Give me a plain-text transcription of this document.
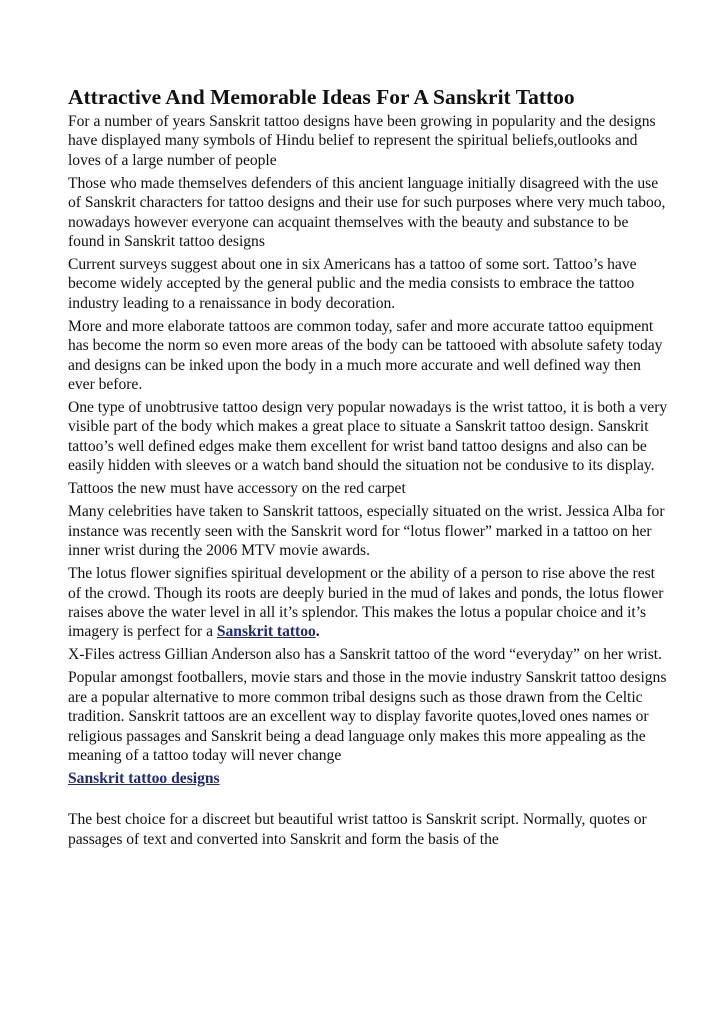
Attractive And Memorable Ideas For A Sanskrit Tattoo

For a number of years Sanskrit tattoo designs have been growing in popularity and the designs have displayed many symbols of Hindu belief to represent the spiritual beliefs,outlooks and loves of a large number of people

Those who made themselves defenders of this ancient language initially disagreed with the use of Sanskrit characters for tattoo designs and their use for such purposes where very much taboo, nowadays however everyone can acquaint themselves with the beauty and substance to be found in Sanskrit tattoo designs

Current surveys suggest about one in six Americans has a tattoo of some sort. Tattoo’s have become widely accepted by the general public and the media consists to embrace the tattoo industry leading to a renaissance in body decoration.

More and more elaborate tattoos are common today, safer and more accurate tattoo equipment has become the norm so even more areas of the body can be tattooed with absolute safety today and designs can be inked upon the body in a much more accurate and well defined way then ever before.

One type of unobtrusive tattoo design very popular nowadays is the wrist tattoo, it is both a very visible part of the body which makes a great place to situate a Sanskrit tattoo design. Sanskrit tattoo’s well defined edges make them excellent for wrist band tattoo designs and also can be easily hidden with sleeves or a watch band should the situation not be condusive to its display.

Tattoos the new must have accessory on the red carpet

Many celebrities have taken to Sanskrit tattoos, especially situated on the wrist. Jessica Alba for instance was recently seen with the Sanskrit word for “lotus flower” marked in a tattoo on her inner wrist during the 2006 MTV movie awards.

The lotus flower signifies spiritual development or the ability of a person to rise above the rest of the crowd. Though its roots are deeply buried in the mud of lakes and ponds, the lotus flower raises above the water level in all it’s splendor. This makes the lotus a popular choice and it’s imagery is perfect for a Sanskrit tattoo.

X-Files actress Gillian Anderson also has a Sanskrit tattoo of the word “everyday” on her wrist.

Popular amongst footballers, movie stars and those in the movie industry Sanskrit tattoo designs are a popular alternative to more common tribal designs such as those drawn from the Celtic tradition. Sanskrit tattoos are an excellent way to display favorite quotes,loved ones names or religious passages and Sanskrit being a dead language only makes this more appealing as the meaning of a tattoo today will never change

Sanskrit tattoo designs

The best choice for a discreet but beautiful wrist tattoo is Sanskrit script. Normally, quotes or passages of text and converted into Sanskrit and form the basis of the
